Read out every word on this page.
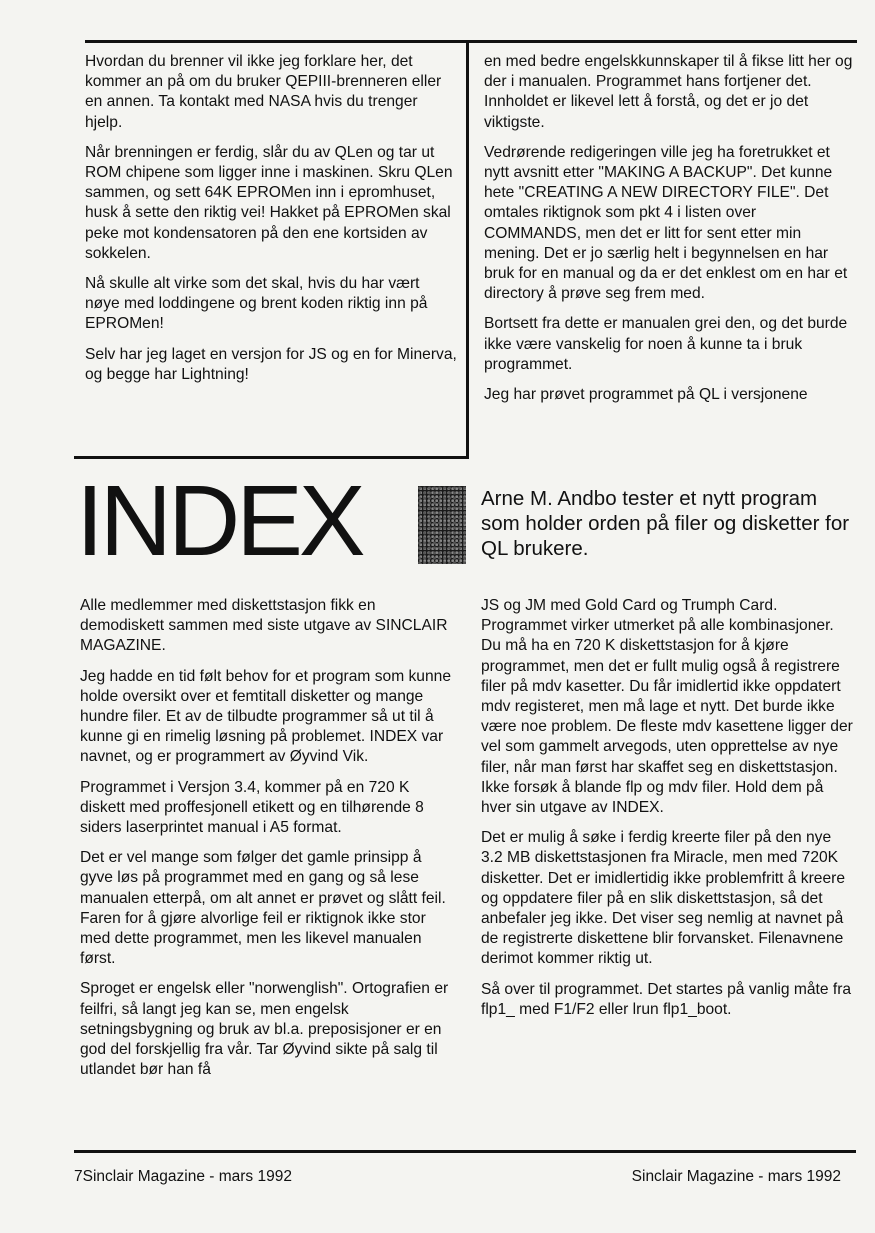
Hvordan du brenner vil ikke jeg forklare her, det kommer an på om du bruker QEPIII-brenneren eller en annen. Ta kontakt med NASA hvis du trenger hjelp.

Når brenningen er ferdig, slår du av QLen og tar ut ROM chipene som ligger inne i maskinen. Skru QLen sammen, og sett 64K EPROMen inn i epromhuset, husk å sette den riktig vei! Hakket på EPROMen skal peke mot kondensatoren på den ene kortsiden av sokkelen.

Nå skulle alt virke som det skal, hvis du har vært nøye med loddingene og brent koden riktig inn på EPROMen!

Selv har jeg laget en versjon for JS og en for Minerva, og begge har Lightning!

en med bedre engelskkunnskaper til å fikse litt her og der i manualen. Programmet hans fortjener det. Innholdet er likevel lett å forstå, og det er jo det viktigste.

Vedrørende redigeringen ville jeg ha foretrukket et nytt avsnitt etter "MAKING A BACKUP". Det kunne hete "CREATING A NEW DIRECTORY FILE". Det omtales riktignok som pkt 4 i listen over COMMANDS, men det er litt for sent etter min mening. Det er jo særlig helt i begynnelsen en har bruk for en manual og da er det enklest om en har et directory å prøve seg frem med.

Bortsett fra dette er manualen grei den, og det burde ikke være vanskelig for noen å kunne ta i bruk programmet.

Jeg har prøvet programmet på QL i versjonene

INDEX	Arne M. Andbo tester et nytt program som holder orden på filer og disketter for QL brukere.

Alle medlemmer med diskettstasjon fikk en demodiskett sammen med siste utgave av SINCLAIR MAGAZINE.

Jeg hadde en tid følt behov for et program som kunne holde oversikt over et femtitall disketter og mange hundre filer. Et av de tilbudte programmer så ut til å kunne gi en rimelig løsning på problemet. INDEX var navnet, og er programmert av Øyvind Vik.

Programmet i Versjon 3.4, kommer på en 720 K diskett med proffesjonell etikett og en tilhørende 8 siders laserprintet manual i A5 format.

Det er vel mange som følger det gamle prinsipp å gyve løs på programmet med en gang og så lese manualen etterpå, om alt annet er prøvet og slått feil. Faren for å gjøre alvorlige feil er riktignok ikke stor med dette programmet, men les likevel manualen først.

Sproget er engelsk eller "norwenglish". Ortografien er feilfri, så langt jeg kan se, men engelsk setningsbygning og bruk av bl.a. preposisjoner er en god del forskjellig fra vår. Tar Øyvind sikte på salg til utlandet bør han få

JS og JM med Gold Card og Trumph Card. Programmet virker utmerket på alle kombinasjoner. Du må ha en 720 K diskettstasjon for å kjøre programmet, men det er fullt mulig også å registrere filer på mdv kasetter. Du får imidlertid ikke oppdatert mdv registeret, men må lage et nytt. Det burde ikke være noe problem. De fleste mdv kasettene ligger der vel som gammelt arvegods, uten opprettelse av nye filer, når man først har skaffet seg en diskettstasjon. Ikke forsøk å blande flp og mdv filer. Hold dem på hver sin utgave av INDEX.

Det er mulig å søke i ferdig kreerte filer på den nye 3.2 MB diskettstasjonen fra Miracle, men med 720K disketter. Det er imidlertidig ikke problemfritt å kreere og oppdatere filer på en slik diskettstasjon, så det anbefaler jeg ikke. Det viser seg nemlig at navnet på de registrerte diskettene blir forvansket. Filenavnene derimot kommer riktig ut.

Så over til programmet. Det startes på vanlig måte fra flp1_ med F1/F2 eller lrun flp1_boot.

7Sinclair Magazine - mars 1992	Sinclair Magazine - mars 1992
